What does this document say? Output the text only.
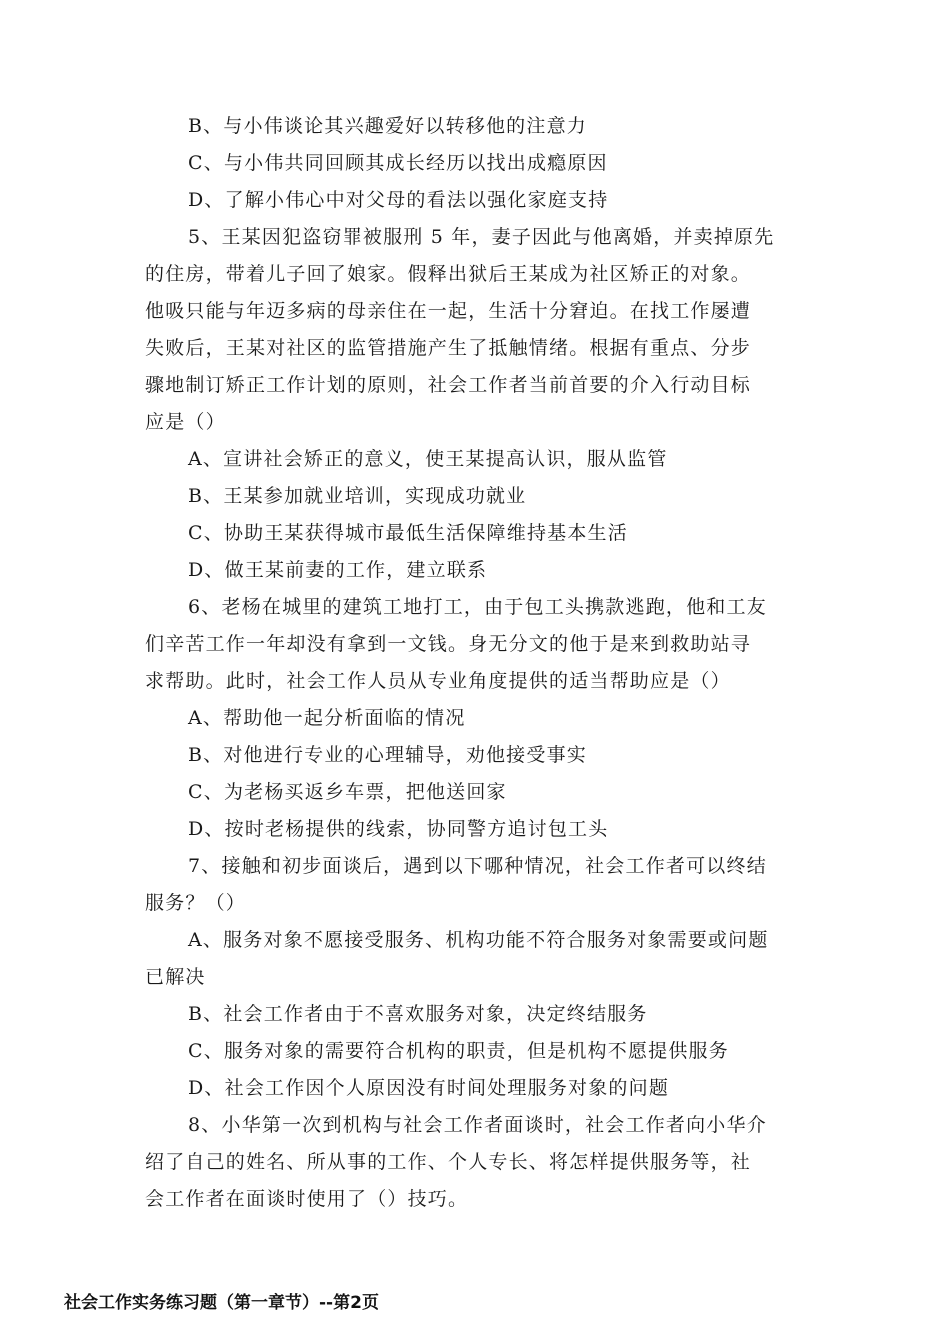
B、与小伟谈论其兴趣爱好以转移他的注意力
C、与小伟共同回顾其成长经历以找出成瘾原因
D、了解小伟心中对父母的看法以强化家庭支持
5、王某因犯盗窃罪被服刑 5 年，妻子因此与他离婚，并卖掉原先
的住房，带着儿子回了娘家。假释出狱后王某成为社区矫正的对象。
他吸只能与年迈多病的母亲住在一起，生活十分窘迫。在找工作屡遭
失败后，王某对社区的监管措施产生了抵触情绪。根据有重点、分步
骤地制订矫正工作计划的原则，社会工作者当前首要的介入行动目标
应是（）
A、宣讲社会矫正的意义，使王某提高认识，服从监管
B、王某参加就业培训，实现成功就业
C、协助王某获得城市最低生活保障维持基本生活
D、做王某前妻的工作，建立联系
6、老杨在城里的建筑工地打工，由于包工头携款逃跑，他和工友
们辛苦工作一年却没有拿到一文钱。身无分文的他于是来到救助站寻
求帮助。此时，社会工作人员从专业角度提供的适当帮助应是（）
A、帮助他一起分析面临的情况
B、对他进行专业的心理辅导，劝他接受事实
C、为老杨买返乡车票，把他送回家
D、按时老杨提供的线索，协同警方追讨包工头
7、接触和初步面谈后，遇到以下哪种情况，社会工作者可以终结
服务？（）
A、服务对象不愿接受服务、机构功能不符合服务对象需要或问题
已解决
B、社会工作者由于不喜欢服务对象，决定终结服务
C、服务对象的需要符合机构的职责，但是机构不愿提供服务
D、社会工作因个人原因没有时间处理服务对象的问题
8、小华第一次到机构与社会工作者面谈时，社会工作者向小华介
绍了自己的姓名、所从事的工作、个人专长、将怎样提供服务等，社
会工作者在面谈时使用了（）技巧。
社会工作实务练习题（第一章节）--第2页
